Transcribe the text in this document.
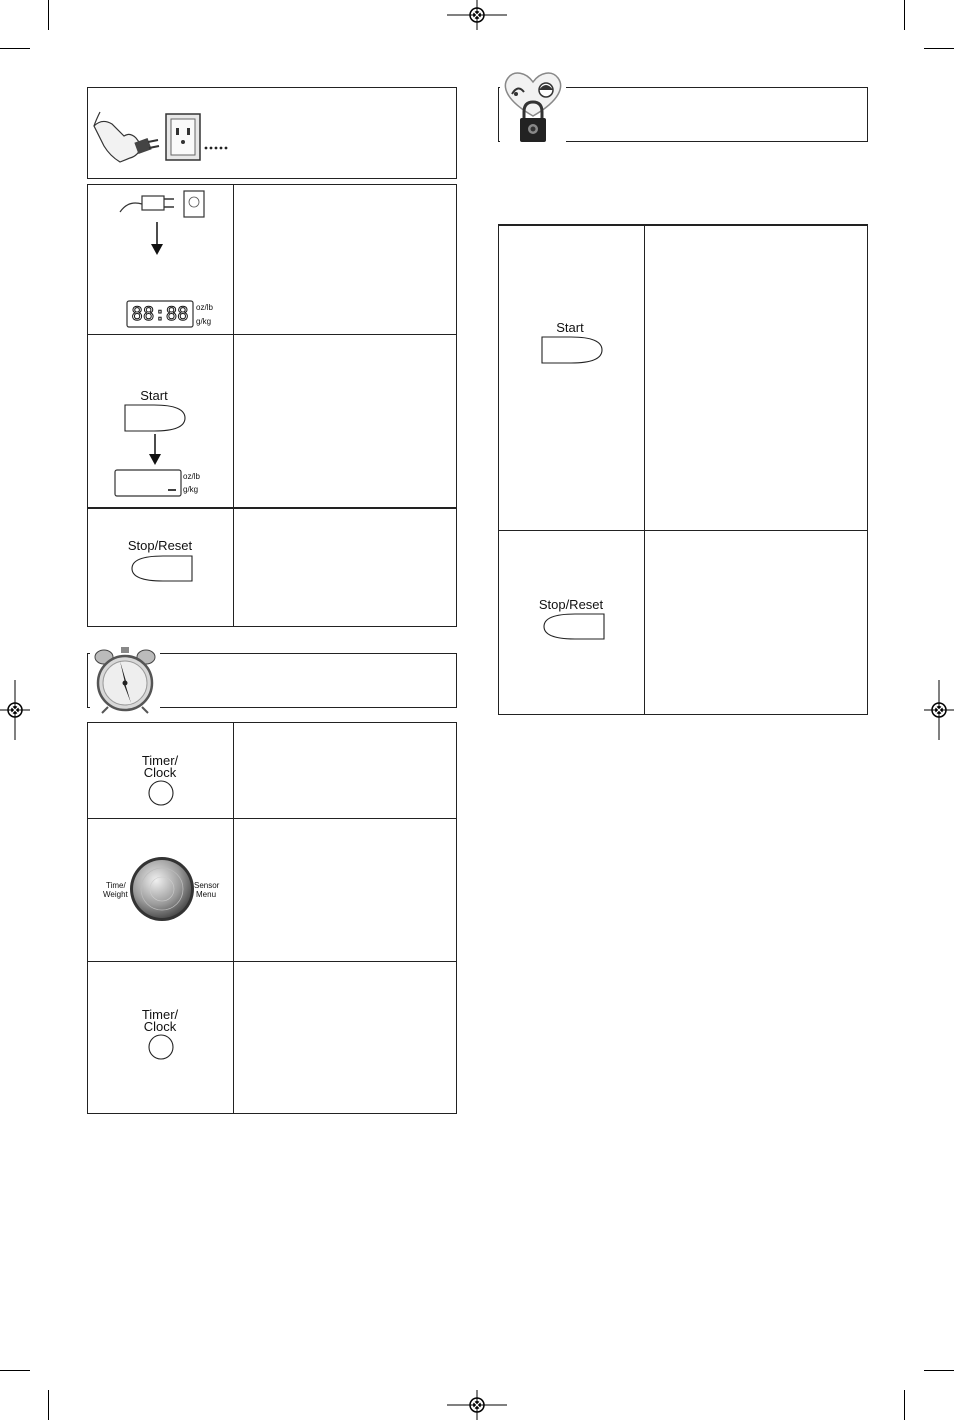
88:88 oz/lb
g/kg
Start
oz/lb
g/kg
Stop/Reset
Timer/
Clock
Time/
Weight
Sensor
Menu
Timer/
Clock
Start
Stop/Reset
